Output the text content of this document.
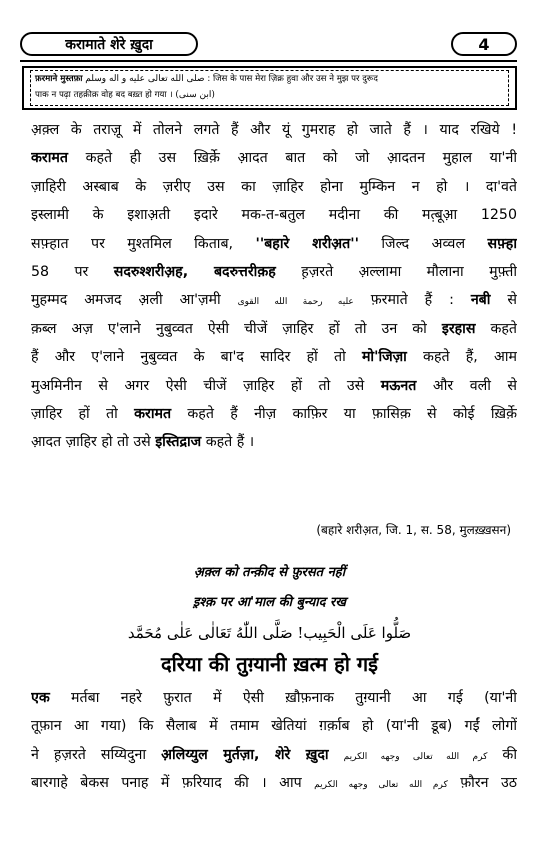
करामाते शेरे ख़ुदा	4
फ़रमाने मुस्तफ़ा صلى الله تعالى عليه و اله وسلم : जिस के पास मेरा ज़िक्र हुवा और उस ने मुझ पर दुरूद
पाक न पढ़ा तहक़ीक़ वोह बद बख़्त हो गया । (ابن سنی)
अ़क़्ल के तराज़ू में तोलने लगते हैं और यूं गुमराह हो जाते हैं । याद रखिये !
करामत कहते ही उस ख़िर्क़े आ़दत बात को जो आ़दतन मुहाल या'नी
ज़ाहिरी अस्बाब के ज़रीए उस का ज़ाहिर होना मुम्किन न हो । दा'वते
इस्लामी के इशाअ़ती इदारे मक-त-बतुल मदीना की मत़्बूआ़ 1250
सफ़्हात पर मुश्तमिल किताब, ''बहारे शरीअ़त'' जिल्द अव्वल सफ़्हा
58 पर सदरुश्शरीअ़ह, बदरुत्तरीक़ह ह़ज़रते अ़ल्लामा मौलाना मुफ़्ती
मुहम्मद अमजद अ़ली आ'ज़मी عليه رحمة الله القوى फ़रमाते हैं : नबी से
क़ब्ल अज़ ए'लाने नुबुव्वत ऐसी चीजें ज़ाहिर हों तो उन को इरहास कहते
हैं और ए'लाने नुबुव्वत के बा'द सादिर हों तो मो'जिज़ा कहते हैं, आम
मुअमिनीन से अगर ऐसी चीजें ज़ाहिर हों तो उसे मऊनत और वली से
ज़ाहिर हों तो करामत कहते हैं नीज़ काफ़िर या फ़ासिक़ से कोई ख़िर्क़े
आ़दत ज़ाहिर हो तो उसे इस्तिद्राज कहते हैं ।
(बहारे शरीअ़त, जि. 1, स. 58, मुलख़्ख़सन)
अ़क़्ल को तन्क़ीद से फ़ुरसत नहीं
इ़श्क़ पर आ'माल की बुन्याद रख
صَلُّوا عَلَى الْحَبِيب! صَلَّى اللّٰهُ تَعَالٰى عَلٰى مُحَمَّد
दरिया की तुग़्यानी ख़त्म हो गई
एक मर्तबा नहरे फ़ुरात में ऐसी ख़ौफ़नाक तुग़्यानी आ गई (या'नी
तूफ़ान आ गया) कि सैलाब में तमाम खेतियां ग़र्क़ाब हो (या'नी डूब) गईं लोगों
ने ह़ज़रते सय्यिदुना अ़लिय्युल मुर्तज़ा, शेरे ख़ुदा كرم الله تعالى وجهه الكريم की
बारगाहे बेकस पनाह में फ़रियाद की । आप كرم الله تعالى وجهه الكريم फ़ौरन उठ
